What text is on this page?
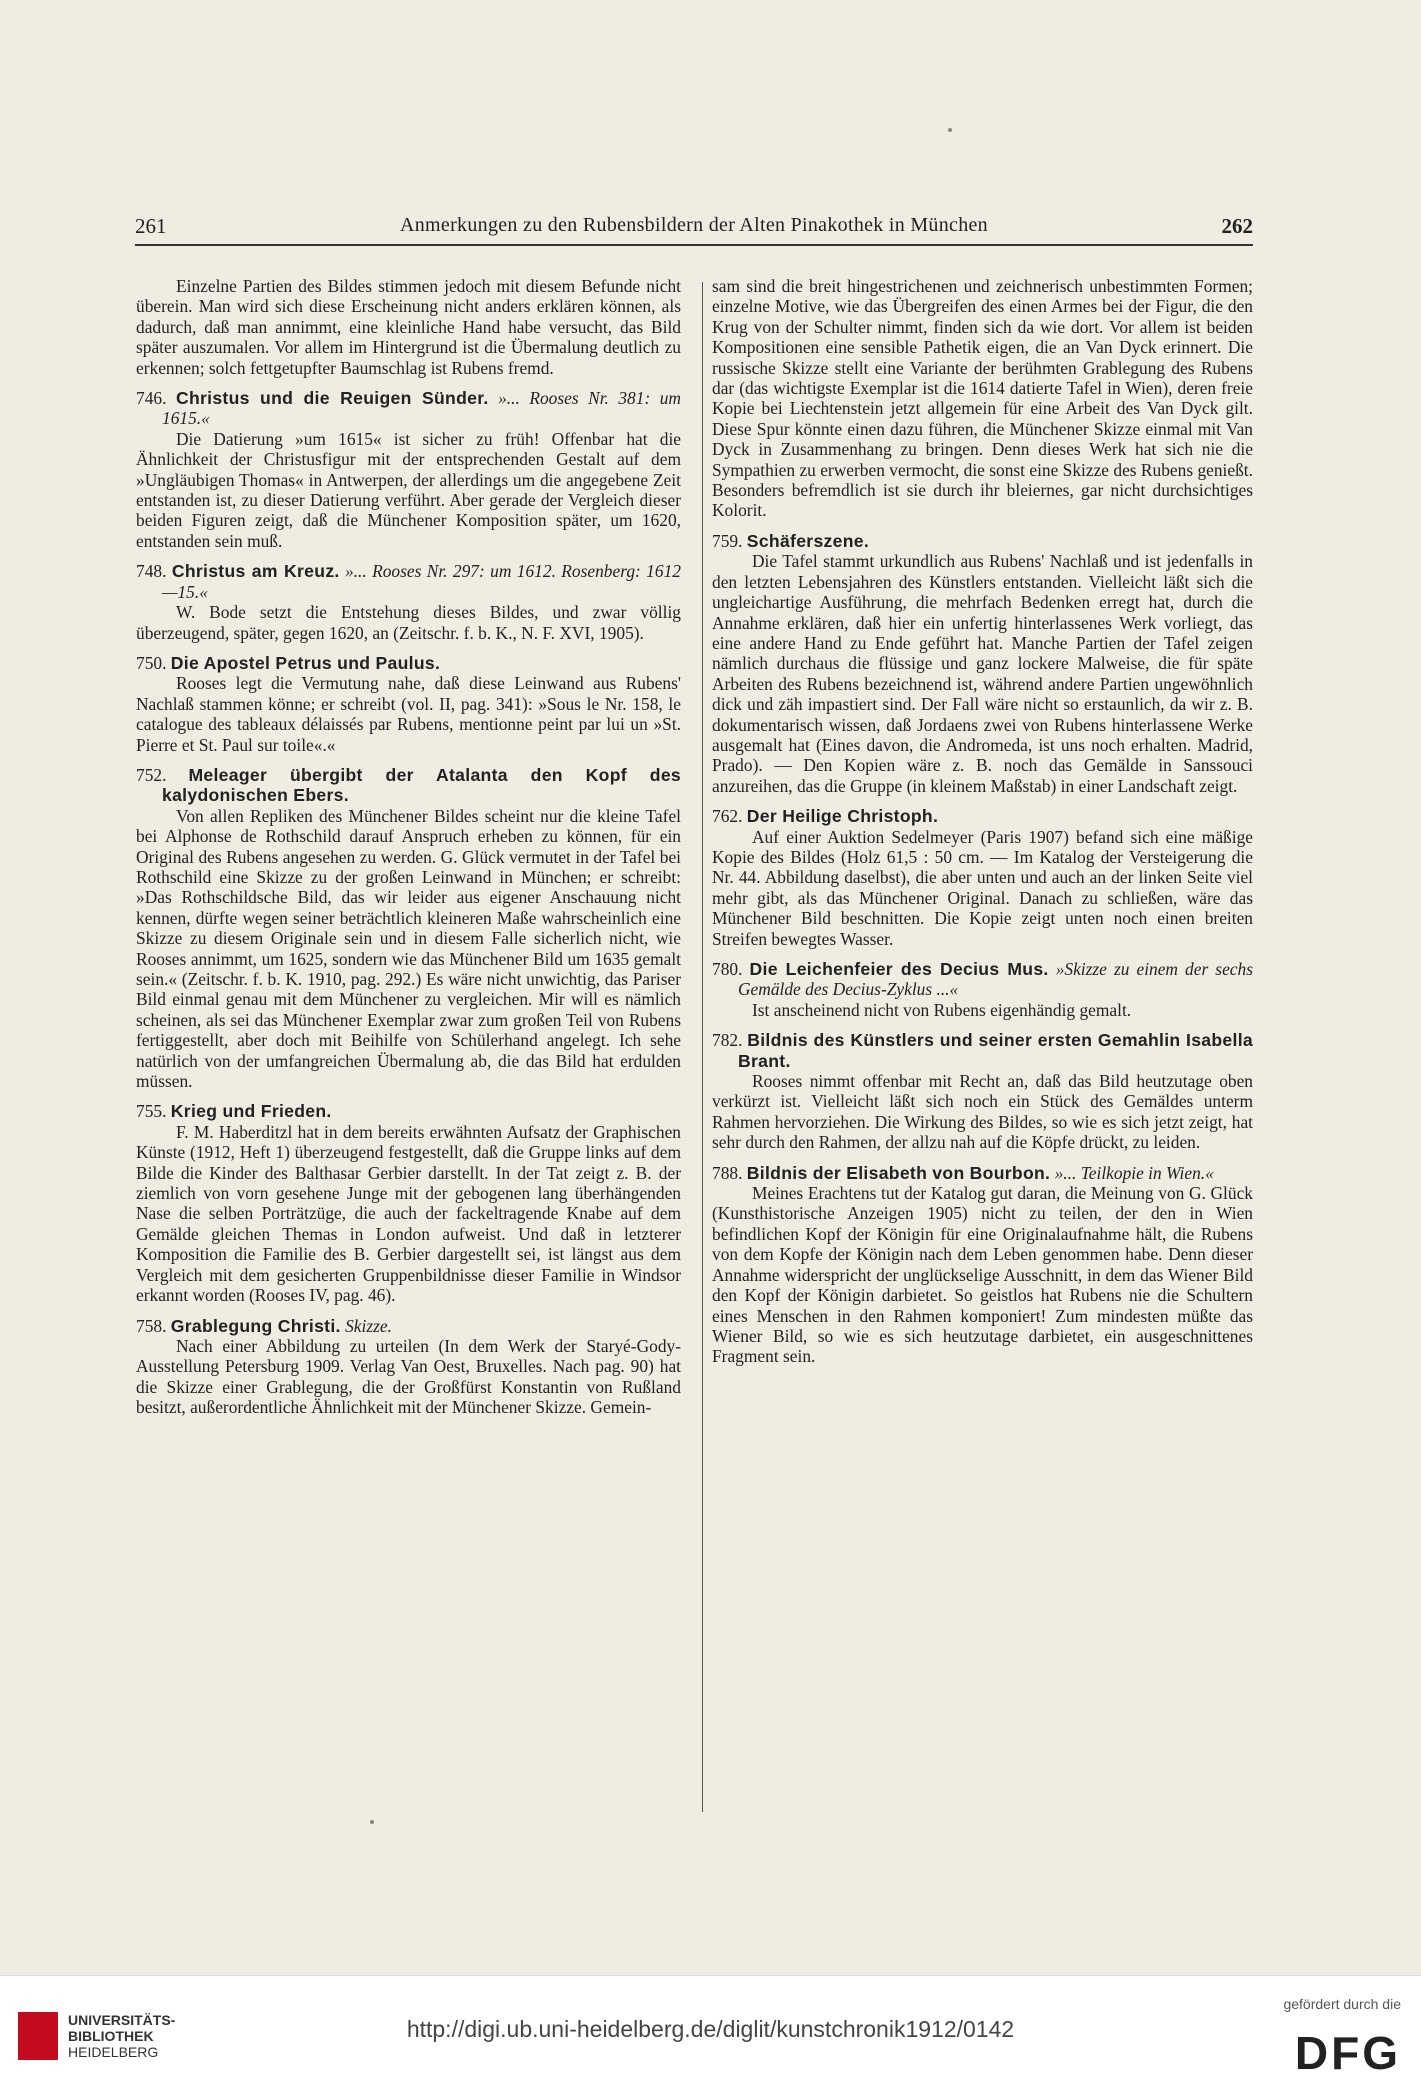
261	Anmerkungen zu den Rubensbildern der Alten Pinakothek in München	262

Einzelne Partien des Bildes stimmen jedoch mit diesem Befunde nicht überein. Man wird sich diese Erscheinung nicht anders erklären können, als dadurch, daß man annimmt, eine kleinliche Hand habe versucht, das Bild später auszumalen. Vor allem im Hintergrund ist die Übermalung deutlich zu erkennen; solch fettgetupfter Baumschlag ist Rubens fremd.

746. Christus und die Reuigen Sünder. »... Rooses Nr. 381: um 1615.«

Die Datierung »um 1615« ist sicher zu früh! Offenbar hat die Ähnlichkeit der Christusfigur mit der entsprechenden Gestalt auf dem »Ungläubigen Thomas« in Antwerpen, der allerdings um die angegebene Zeit entstanden ist, zu dieser Datierung verführt. Aber gerade der Vergleich dieser beiden Figuren zeigt, daß die Münchener Komposition später, um 1620, entstanden sein muß.

748. Christus am Kreuz. »... Rooses Nr. 297: um 1612. Rosenberg: 1612—15.«

W. Bode setzt die Entstehung dieses Bildes, und zwar völlig überzeugend, später, gegen 1620, an (Zeitschr. f. b. K., N. F. XVI, 1905).

750. Die Apostel Petrus und Paulus.

Rooses legt die Vermutung nahe, daß diese Leinwand aus Rubens' Nachlaß stammen könne; er schreibt (vol. II, pag. 341): »Sous le Nr. 158, le catalogue des tableaux délaissés par Rubens, mentionne peint par lui un »St. Pierre et St. Paul sur toile«.«

752. Meleager übergibt der Atalanta den Kopf des kalydonischen Ebers.

Von allen Repliken des Münchener Bildes scheint nur die kleine Tafel bei Alphonse de Rothschild darauf Anspruch erheben zu können, für ein Original des Rubens angesehen zu werden. G. Glück vermutet in der Tafel bei Rothschild eine Skizze zu der großen Leinwand in München; er schreibt: »Das Rothschildsche Bild, das wir leider aus eigener Anschauung nicht kennen, dürfte wegen seiner beträchtlich kleineren Maße wahrscheinlich eine Skizze zu diesem Originale sein und in diesem Falle sicherlich nicht, wie Rooses annimmt, um 1625, sondern wie das Münchener Bild um 1635 gemalt sein.« (Zeitschr. f. b. K. 1910, pag. 292.) Es wäre nicht unwichtig, das Pariser Bild einmal genau mit dem Münchener zu vergleichen. Mir will es nämlich scheinen, als sei das Münchener Exemplar zwar zum großen Teil von Rubens fertiggestellt, aber doch mit Beihilfe von Schülerhand angelegt. Ich sehe natürlich von der umfangreichen Übermalung ab, die das Bild hat erdulden müssen.

755. Krieg und Frieden.

F. M. Haberditzl hat in dem bereits erwähnten Aufsatz der Graphischen Künste (1912, Heft 1) überzeugend festgestellt, daß die Gruppe links auf dem Bilde die Kinder des Balthasar Gerbier darstellt. In der Tat zeigt z. B. der ziemlich von vorn gesehene Junge mit der gebogenen lang überhängenden Nase die selben Porträtzüge, die auch der fackeltragende Knabe auf dem Gemälde gleichen Themas in London aufweist. Und daß in letzterer Komposition die Familie des B. Gerbier dargestellt sei, ist längst aus dem Vergleich mit dem gesicherten Gruppenbildnisse dieser Familie in Windsor erkannt worden (Rooses IV, pag. 46).

758. Grablegung Christi. Skizze.

Nach einer Abbildung zu urteilen (In dem Werk der Staryé-Gody-Ausstellung Petersburg 1909. Verlag Van Oest, Bruxelles. Nach pag. 90) hat die Skizze einer Grablegung, die der Großfürst Konstantin von Rußland besitzt, außerordentliche Ähnlichkeit mit der Münchener Skizze. Gemein-

sam sind die breit hingestrichenen und zeichnerisch unbestimmten Formen; einzelne Motive, wie das Übergreifen des einen Armes bei der Figur, die den Krug von der Schulter nimmt, finden sich da wie dort. Vor allem ist beiden Kompositionen eine sensible Pathetik eigen, die an Van Dyck erinnert. Die russische Skizze stellt eine Variante der berühmten Grablegung des Rubens dar (das wichtigste Exemplar ist die 1614 datierte Tafel in Wien), deren freie Kopie bei Liechtenstein jetzt allgemein für eine Arbeit des Van Dyck gilt. Diese Spur könnte einen dazu führen, die Münchener Skizze einmal mit Van Dyck in Zusammenhang zu bringen. Denn dieses Werk hat sich nie die Sympathien zu erwerben vermocht, die sonst eine Skizze des Rubens genießt. Besonders befremdlich ist sie durch ihr bleiernes, gar nicht durchsichtiges Kolorit.

759. Schäferszene.

Die Tafel stammt urkundlich aus Rubens' Nachlaß und ist jedenfalls in den letzten Lebensjahren des Künstlers entstanden. Vielleicht läßt sich die ungleichartige Ausführung, die mehrfach Bedenken erregt hat, durch die Annahme erklären, daß hier ein unfertig hinterlassenes Werk vorliegt, das eine andere Hand zu Ende geführt hat. Manche Partien der Tafel zeigen nämlich durchaus die flüssige und ganz lockere Malweise, die für späte Arbeiten des Rubens bezeichnend ist, während andere Partien ungewöhnlich dick und zäh impastiert sind. Der Fall wäre nicht so erstaunlich, da wir z. B. dokumentarisch wissen, daß Jordaens zwei von Rubens hinterlassene Werke ausgemalt hat (Eines davon, die Andromeda, ist uns noch erhalten. Madrid, Prado). — Den Kopien wäre z. B. noch das Gemälde in Sanssouci anzureihen, das die Gruppe (in kleinem Maßstab) in einer Landschaft zeigt.

762. Der Heilige Christoph.

Auf einer Auktion Sedelmeyer (Paris 1907) befand sich eine mäßige Kopie des Bildes (Holz 61,5 : 50 cm. — Im Katalog der Versteigerung die Nr. 44. Abbildung daselbst), die aber unten und auch an der linken Seite viel mehr gibt, als das Münchener Original. Danach zu schließen, wäre das Münchener Bild beschnitten. Die Kopie zeigt unten noch einen breiten Streifen bewegtes Wasser.

780. Die Leichenfeier des Decius Mus. »Skizze zu einem der sechs Gemälde des Decius-Zyklus ...«

Ist anscheinend nicht von Rubens eigenhändig gemalt.

782. Bildnis des Künstlers und seiner ersten Gemahlin Isabella Brant.

Rooses nimmt offenbar mit Recht an, daß das Bild heutzutage oben verkürzt ist. Vielleicht läßt sich noch ein Stück des Gemäldes unterm Rahmen hervorziehen. Die Wirkung des Bildes, so wie es sich jetzt zeigt, hat sehr durch den Rahmen, der allzu nah auf die Köpfe drückt, zu leiden.

788. Bildnis der Elisabeth von Bourbon. »... Teilkopie in Wien.«

Meines Erachtens tut der Katalog gut daran, die Meinung von G. Glück (Kunsthistorische Anzeigen 1905) nicht zu teilen, der den in Wien befindlichen Kopf der Königin für eine Originalaufnahme hält, die Rubens von dem Kopfe der Königin nach dem Leben genommen habe. Denn dieser Annahme widerspricht der unglückselige Ausschnitt, in dem das Wiener Bild den Kopf der Königin darbietet. So geistlos hat Rubens nie die Schultern eines Menschen in den Rahmen komponiert! Zum mindesten müßte das Wiener Bild, so wie es sich heutzutage darbietet, ein ausgeschnittenes Fragment sein.

UNIVERSITÄTS-
BIBLIOTHEK
HEIDELBERG
http://digi.ub.uni-heidelberg.de/diglit/kunstchronik1912/0142
gefördert durch die
DFG
